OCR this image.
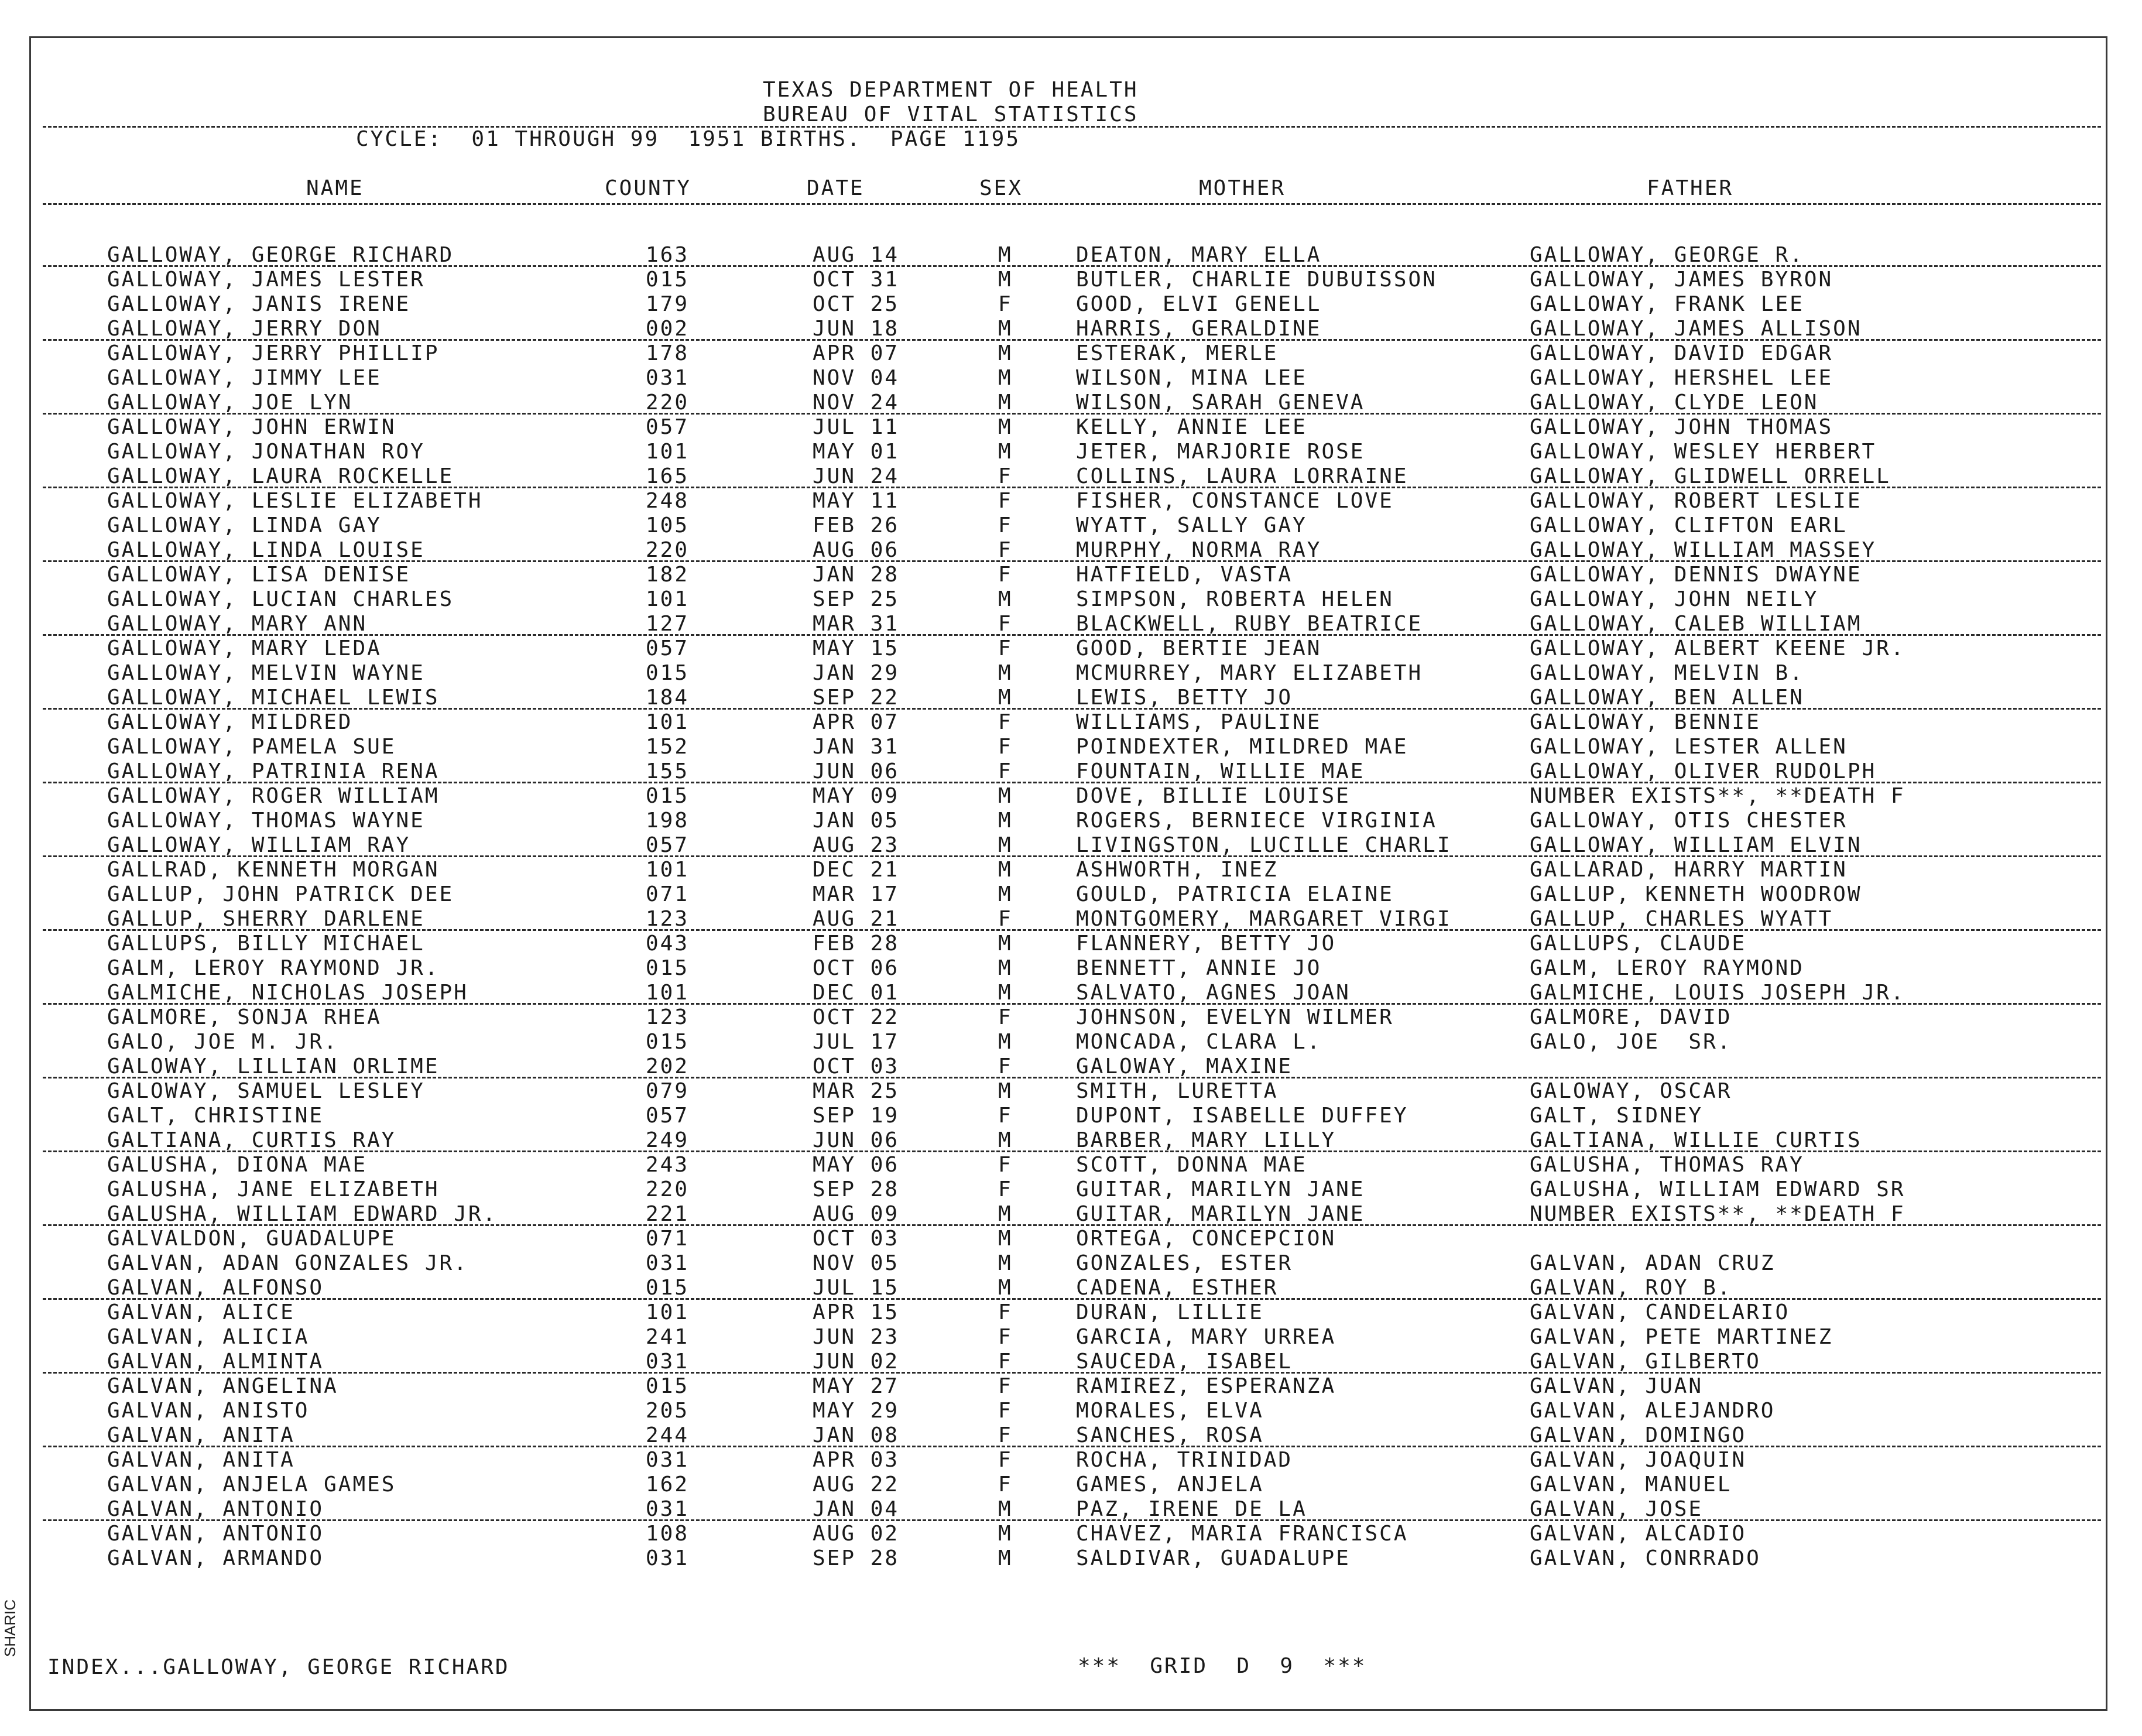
TEXAS DEPARTMENT OF HEALTH
BUREAU OF VITAL STATISTICS
CYCLE:  01 THROUGH 99  1951 BIRTHS.  PAGE 1195
NAME	COUNTY	DATE	SEX	MOTHER	FATHER
GALLOWAY, GEORGE RICHARD	163	AUG 14	M	DEATON, MARY ELLA	GALLOWAY, GEORGE R.
GALLOWAY, JAMES LESTER	015	OCT 31	M	BUTLER, CHARLIE DUBUISSON	GALLOWAY, JAMES BYRON
GALLOWAY, JANIS IRENE	179	OCT 25	F	GOOD, ELVI GENELL	GALLOWAY, FRANK LEE
GALLOWAY, JERRY DON	002	JUN 18	M	HARRIS, GERALDINE	GALLOWAY, JAMES ALLISON
GALLOWAY, JERRY PHILLIP	178	APR 07	M	ESTERAK, MERLE	GALLOWAY, DAVID EDGAR
GALLOWAY, JIMMY LEE	031	NOV 04	M	WILSON, MINA LEE	GALLOWAY, HERSHEL LEE
GALLOWAY, JOE LYN	220	NOV 24	M	WILSON, SARAH GENEVA	GALLOWAY, CLYDE LEON
GALLOWAY, JOHN ERWIN	057	JUL 11	M	KELLY, ANNIE LEE	GALLOWAY, JOHN THOMAS
GALLOWAY, JONATHAN ROY	101	MAY 01	M	JETER, MARJORIE ROSE	GALLOWAY, WESLEY HERBERT
GALLOWAY, LAURA ROCKELLE	165	JUN 24	F	COLLINS, LAURA LORRAINE	GALLOWAY, GLIDWELL ORRELL
GALLOWAY, LESLIE ELIZABETH	248	MAY 11	F	FISHER, CONSTANCE LOVE	GALLOWAY, ROBERT LESLIE
GALLOWAY, LINDA GAY	105	FEB 26	F	WYATT, SALLY GAY	GALLOWAY, CLIFTON EARL
GALLOWAY, LINDA LOUISE	220	AUG 06	F	MURPHY, NORMA RAY	GALLOWAY, WILLIAM MASSEY
GALLOWAY, LISA DENISE	182	JAN 28	F	HATFIELD, VASTA	GALLOWAY, DENNIS DWAYNE
GALLOWAY, LUCIAN CHARLES	101	SEP 25	M	SIMPSON, ROBERTA HELEN	GALLOWAY, JOHN NEILY
GALLOWAY, MARY ANN	127	MAR 31	F	BLACKWELL, RUBY BEATRICE	GALLOWAY, CALEB WILLIAM
GALLOWAY, MARY LEDA	057	MAY 15	F	GOOD, BERTIE JEAN	GALLOWAY, ALBERT KEENE JR.
GALLOWAY, MELVIN WAYNE	015	JAN 29	M	MCMURREY, MARY ELIZABETH	GALLOWAY, MELVIN B.
GALLOWAY, MICHAEL LEWIS	184	SEP 22	M	LEWIS, BETTY JO	GALLOWAY, BEN ALLEN
GALLOWAY, MILDRED	101	APR 07	F	WILLIAMS, PAULINE	GALLOWAY, BENNIE
GALLOWAY, PAMELA SUE	152	JAN 31	F	POINDEXTER, MILDRED MAE	GALLOWAY, LESTER ALLEN
GALLOWAY, PATRINIA RENA	155	JUN 06	F	FOUNTAIN, WILLIE MAE	GALLOWAY, OLIVER RUDOLPH
GALLOWAY, ROGER WILLIAM	015	MAY 09	M	DOVE, BILLIE LOUISE	NUMBER EXISTS**, **DEATH F
GALLOWAY, THOMAS WAYNE	198	JAN 05	M	ROGERS, BERNIECE VIRGINIA	GALLOWAY, OTIS CHESTER
GALLOWAY, WILLIAM RAY	057	AUG 23	M	LIVINGSTON, LUCILLE CHARLI	GALLOWAY, WILLIAM ELVIN
GALLRAD, KENNETH MORGAN	101	DEC 21	M	ASHWORTH, INEZ	GALLARAD, HARRY MARTIN
GALLUP, JOHN PATRICK DEE	071	MAR 17	M	GOULD, PATRICIA ELAINE	GALLUP, KENNETH WOODROW
GALLUP, SHERRY DARLENE	123	AUG 21	F	MONTGOMERY, MARGARET VIRGI	GALLUP, CHARLES WYATT
GALLUPS, BILLY MICHAEL	043	FEB 28	M	FLANNERY, BETTY JO	GALLUPS, CLAUDE
GALM, LEROY RAYMOND JR.	015	OCT 06	M	BENNETT, ANNIE JO	GALM, LEROY RAYMOND
GALMICHE, NICHOLAS JOSEPH	101	DEC 01	M	SALVATO, AGNES JOAN	GALMICHE, LOUIS JOSEPH JR.
GALMORE, SONJA RHEA	123	OCT 22	F	JOHNSON, EVELYN WILMER	GALMORE, DAVID
GALO, JOE M. JR.	015	JUL 17	M	MONCADA, CLARA L.	GALO, JOE  SR.
GALOWAY, LILLIAN ORLIME	202	OCT 03	F	GALOWAY, MAXINE
GALOWAY, SAMUEL LESLEY	079	MAR 25	M	SMITH, LURETTA	GALOWAY, OSCAR
GALT, CHRISTINE	057	SEP 19	F	DUPONT, ISABELLE DUFFEY	GALT, SIDNEY
GALTIANA, CURTIS RAY	249	JUN 06	M	BARBER, MARY LILLY	GALTIANA, WILLIE CURTIS
GALUSHA, DIONA MAE	243	MAY 06	F	SCOTT, DONNA MAE	GALUSHA, THOMAS RAY
GALUSHA, JANE ELIZABETH	220	SEP 28	F	GUITAR, MARILYN JANE	GALUSHA, WILLIAM EDWARD SR
GALUSHA, WILLIAM EDWARD JR.	221	AUG 09	M	GUITAR, MARILYN JANE	NUMBER EXISTS**, **DEATH F
GALVALDON, GUADALUPE	071	OCT 03	M	ORTEGA, CONCEPCION
GALVAN, ADAN GONZALES JR.	031	NOV 05	M	GONZALES, ESTER	GALVAN, ADAN CRUZ
GALVAN, ALFONSO	015	JUL 15	M	CADENA, ESTHER	GALVAN, ROY B.
GALVAN, ALICE	101	APR 15	F	DURAN, LILLIE	GALVAN, CANDELARIO
GALVAN, ALICIA	241	JUN 23	F	GARCIA, MARY URREA	GALVAN, PETE MARTINEZ
GALVAN, ALMINTA	031	JUN 02	F	SAUCEDA, ISABEL	GALVAN, GILBERTO
GALVAN, ANGELINA	015	MAY 27	F	RAMIREZ, ESPERANZA	GALVAN, JUAN
GALVAN, ANISTO	205	MAY 29	F	MORALES, ELVA	GALVAN, ALEJANDRO
GALVAN, ANITA	244	JAN 08	F	SANCHES, ROSA	GALVAN, DOMINGO
GALVAN, ANITA	031	APR 03	F	ROCHA, TRINIDAD	GALVAN, JOAQUIN
GALVAN, ANJELA GAMES	162	AUG 22	F	GAMES, ANJELA	GALVAN, MANUEL
GALVAN, ANTONIO	031	JAN 04	M	PAZ, IRENE DE LA	GALVAN, JOSE
GALVAN, ANTONIO	108	AUG 02	M	CHAVEZ, MARIA FRANCISCA	GALVAN, ALCADIO
GALVAN, ARMANDO	031	SEP 28	M	SALDIVAR, GUADALUPE	GALVAN, CONRRADO
INDEX...GALLOWAY, GEORGE RICHARD	***  GRID  D  9  ***
SHARIC
